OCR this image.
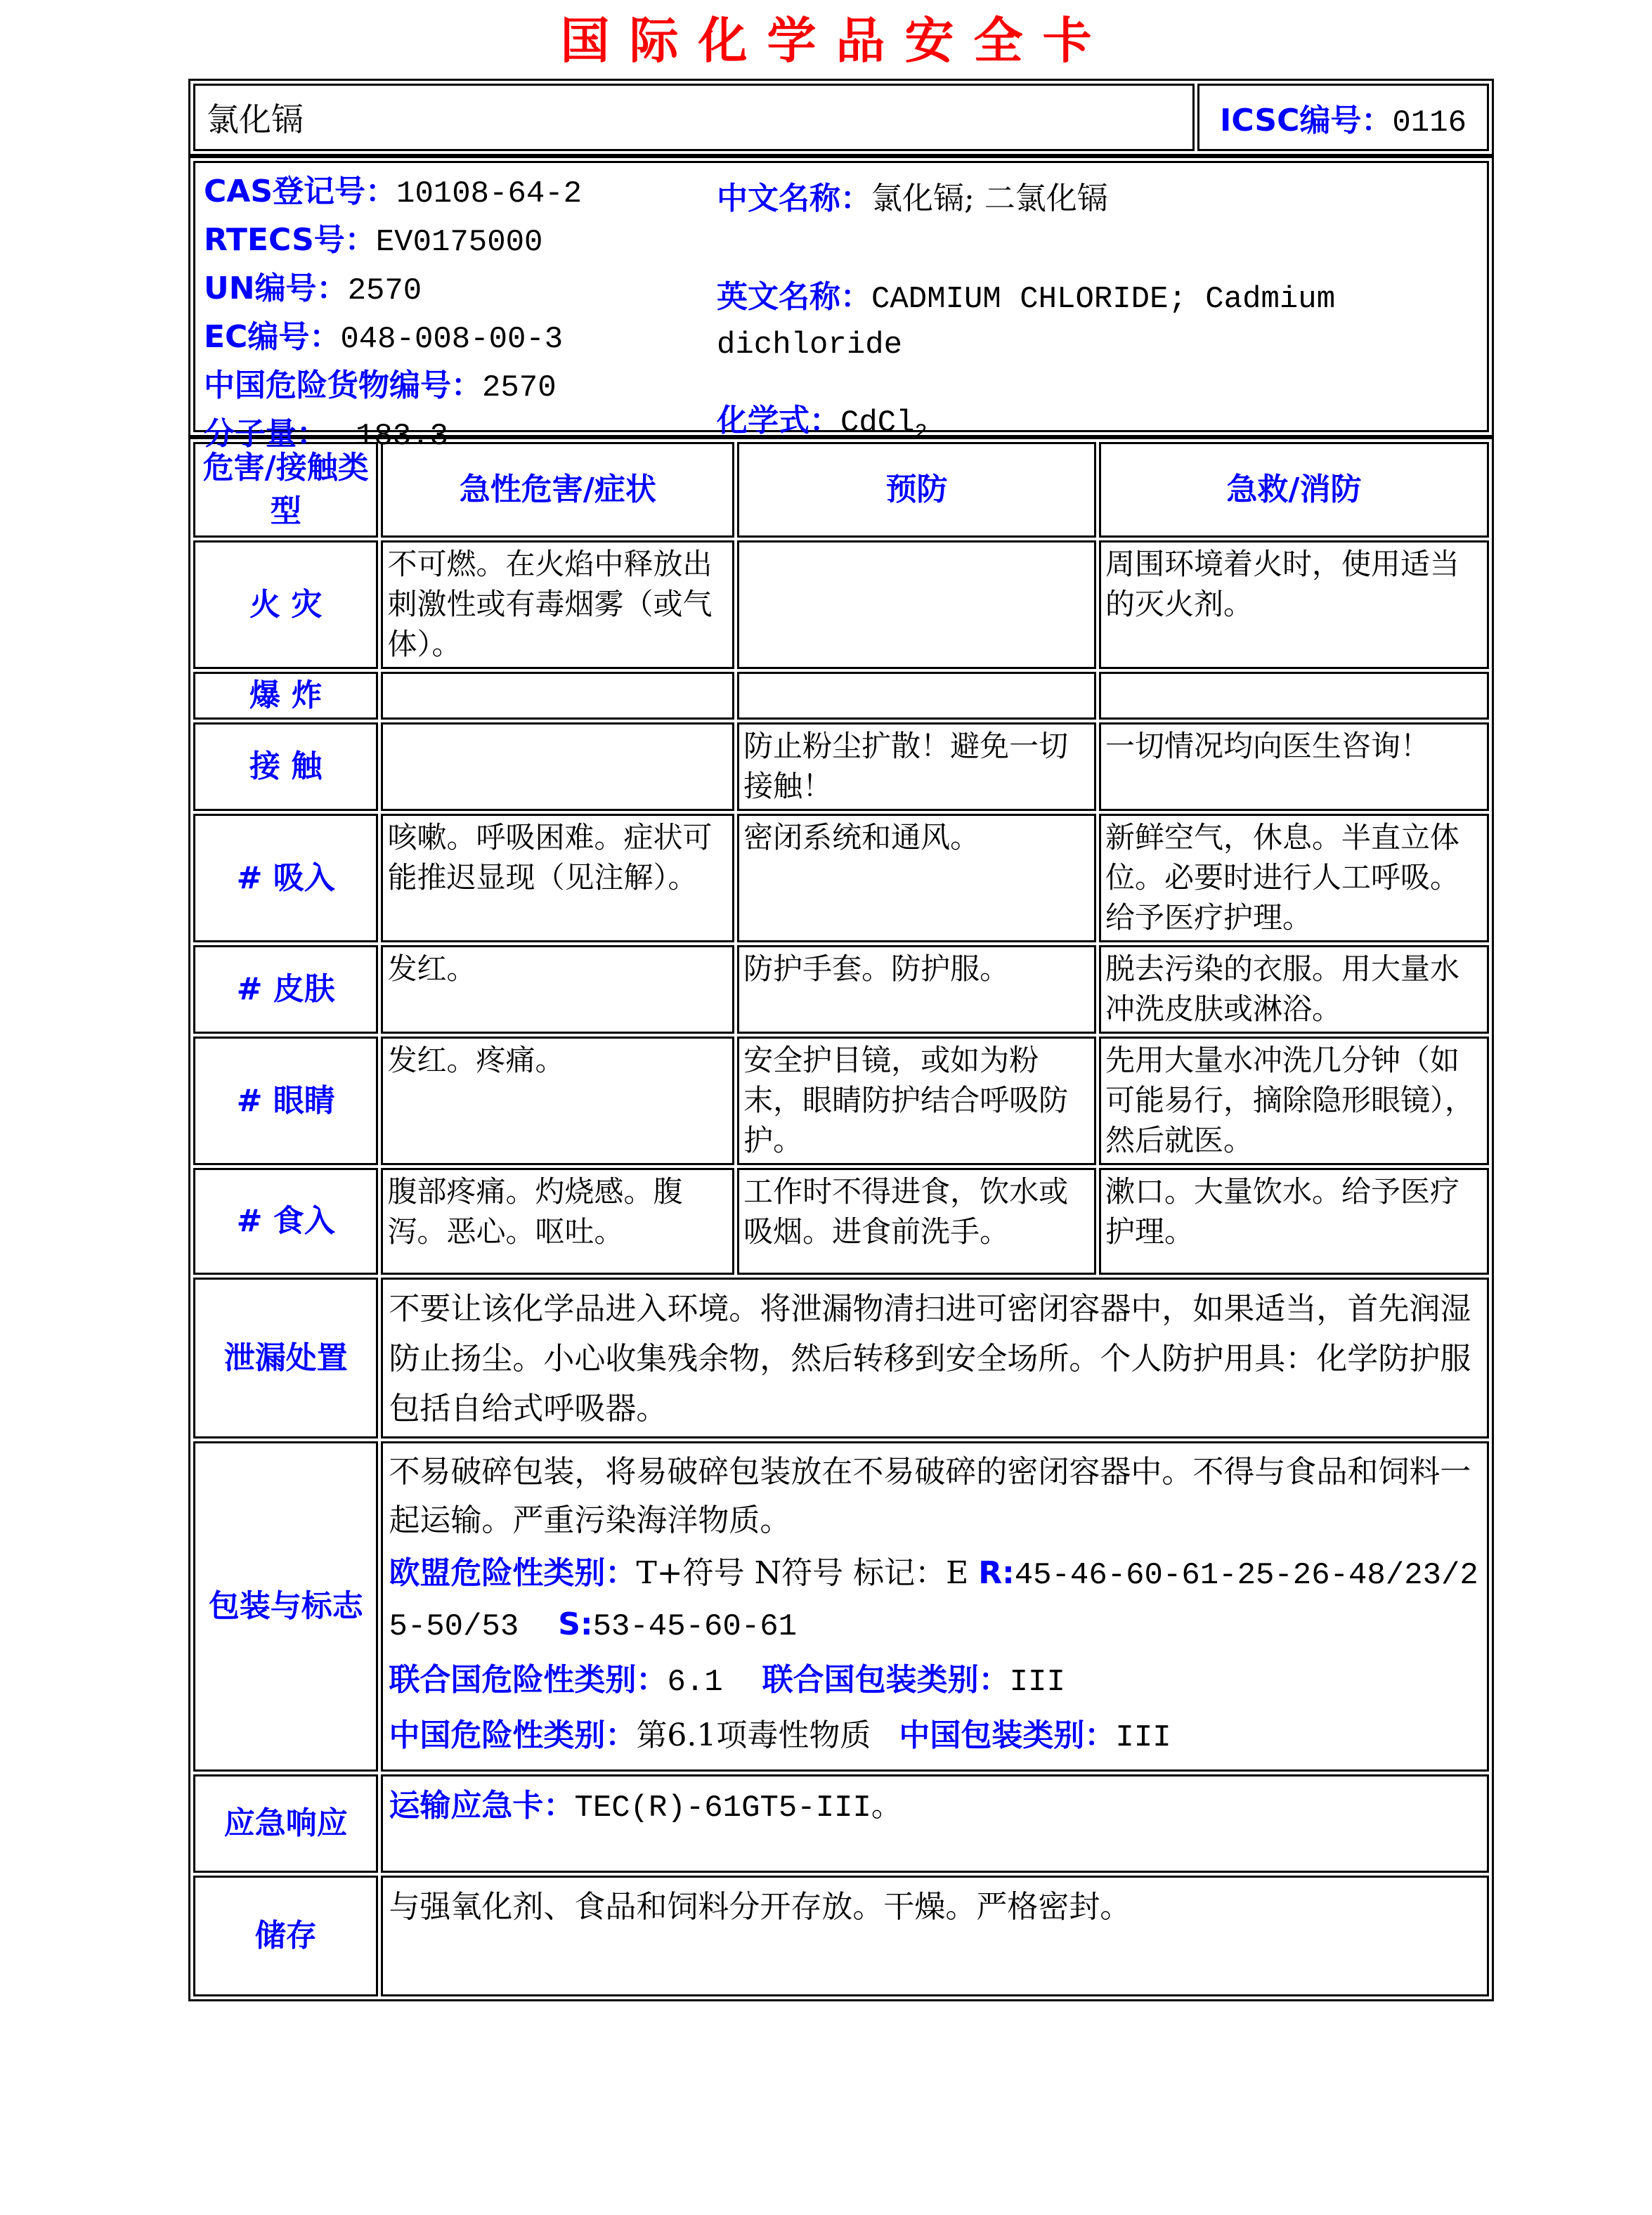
国际化学品安全卡
氯化镉	ICSC编号：0116
CAS登记号：10108-64-2
RTECS号：EV0175000
UN编号：2570
EC编号：048-008-00-3
中国危险货物编号：2570
分子量： 183.3
中文名称：氯化镉; 二氯化镉
英文名称：CADMIUM CHLORIDE; Cadmium dichloride
化学式：CdCl$_2$
危害/接触类型	急性危害/症状	预防	急救/消防
火 灾	不可燃。在火焰中释放出刺激性或有毒烟雾（或气体）。		周围环境着火时，使用适当的灭火剂。
爆 炸			
接 触		防止粉尘扩散！避免一切接触！	一切情况均向医生咨询！
# 吸入	咳嗽。呼吸困难。症状可能推迟显现（见注解）。	密闭系统和通风。	新鲜空气，休息。半直立体位。必要时进行人工呼吸。给予医疗护理。
# 皮肤	发红。	防护手套。防护服。	脱去污染的衣服。用大量水冲洗皮肤或淋浴。
# 眼睛	发红。疼痛。	安全护目镜，或如为粉末，眼睛防护结合呼吸防护。	先用大量水冲洗几分钟（如可能易行，摘除隐形眼镜），然后就医。
# 食入	腹部疼痛。灼烧感。腹泻。恶心。呕吐。	工作时不得进食，饮水或吸烟。进食前洗手。	漱口。大量饮水。给予医疗护理。
泄漏处置	不要让该化学品进入环境。将泄漏物清扫进可密闭容器中，如果适当，首先润湿防止扬尘。小心收集残余物，然后转移到安全场所。个人防护用具：化学防护服包括自给式呼吸器。		
包装与标志	不易破碎包装，将易破碎包装放在不易破碎的密闭容器中。不得与食品和饲料一起运输。严重污染海洋物质。

欧盟危险性类别：T+符号 N符号 标记：E R:45-46-60-61-25-26-48/23/25-50/53 S:53-45-60-61

联合国危险性类别：6.1 联合国包装类别：III

中国危险性类别：第6.1项毒性物质 中国包装类别：III		

应急响应	运输应急卡：TEC(R)-61GT5-III。		
储存	与强氧化剂、食品和饲料分开存放。干燥。严格密封。		
